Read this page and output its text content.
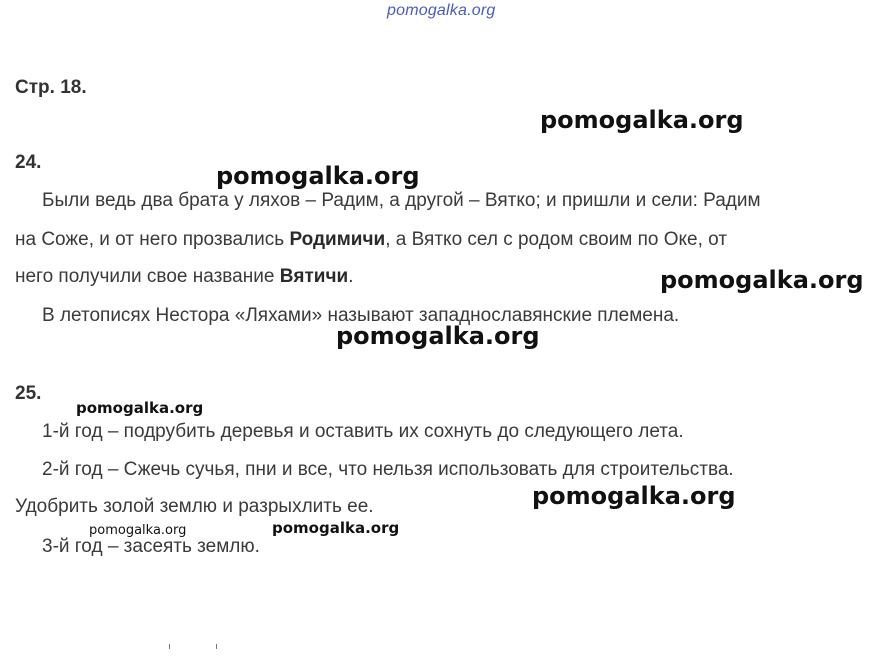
pomogalka.org
Стр. 18.
24.
Были ведь два брата у ляхов – Радим, а другой – Вятко; и пришли и сели: Радим
на Соже, и от него прозвались Родимичи, а Вятко сел с родом своим по Оке, от
него получили свое название Вятичи.
В летописях Нестора «Ляхами» называют западнославянские племена.
25.
1-й год – подрубить деревья и оставить их сохнуть до следующего лета.
2-й год – Сжечь сучья, пни и все, что нельзя использовать для строительства.
Удобрить золой землю и разрыхлить ее.
3-й год – засеять землю.
pomogalka.org
pomogalka.org
pomogalka.org
pomogalka.org
pomogalka.org
pomogalka.org
pomogalka.org	pomogalka.org
